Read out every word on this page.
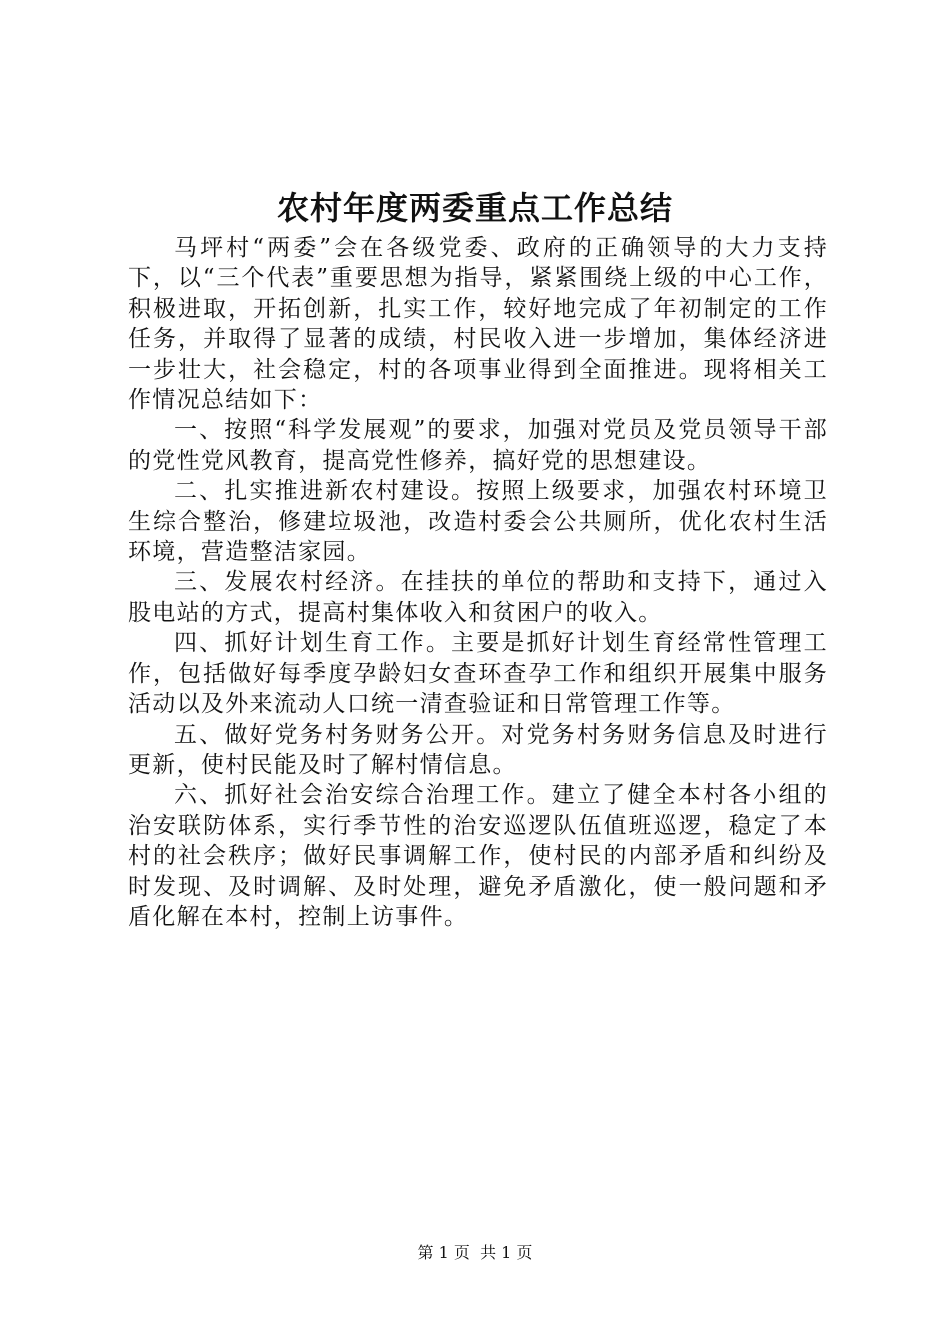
农村年度两委重点工作总结

马坪村“两委”会在各级党委、政府的正确领导的大力支持下，以“三个代表”重要思想为指导，紧紧围绕上级的中心工作，积极进取，开拓创新，扎实工作，较好地完成了年初制定的工作任务，并取得了显著的成绩，村民收入进一步增加，集体经济进一步壮大，社会稳定，村的各项事业得到全面推进。现将相关工作情况总结如下：

一、按照“科学发展观”的要求，加强对党员及党员领导干部的党性党风教育，提高党性修养，搞好党的思想建设。

二、扎实推进新农村建设。按照上级要求，加强农村环境卫生综合整治，修建垃圾池，改造村委会公共厕所，优化农村生活环境，营造整洁家园。

三、发展农村经济。在挂扶的单位的帮助和支持下，通过入股电站的方式，提高村集体收入和贫困户的收入。

四、抓好计划生育工作。主要是抓好计划生育经常性管理工作，包括做好每季度孕龄妇女查环查孕工作和组织开展集中服务活动以及外来流动人口统一清查验证和日常管理工作等。

五、做好党务村务财务公开。对党务村务财务信息及时进行更新，使村民能及时了解村情信息。

六、抓好社会治安综合治理工作。建立了健全本村各小组的治安联防体系，实行季节性的治安巡逻队伍值班巡逻，稳定了本村的社会秩序；做好民事调解工作，使村民的内部矛盾和纠纷及时发现、及时调解、及时处理，避免矛盾激化，使一般问题和矛盾化解在本村，控制上访事件。

第 1 页  共 1 页
